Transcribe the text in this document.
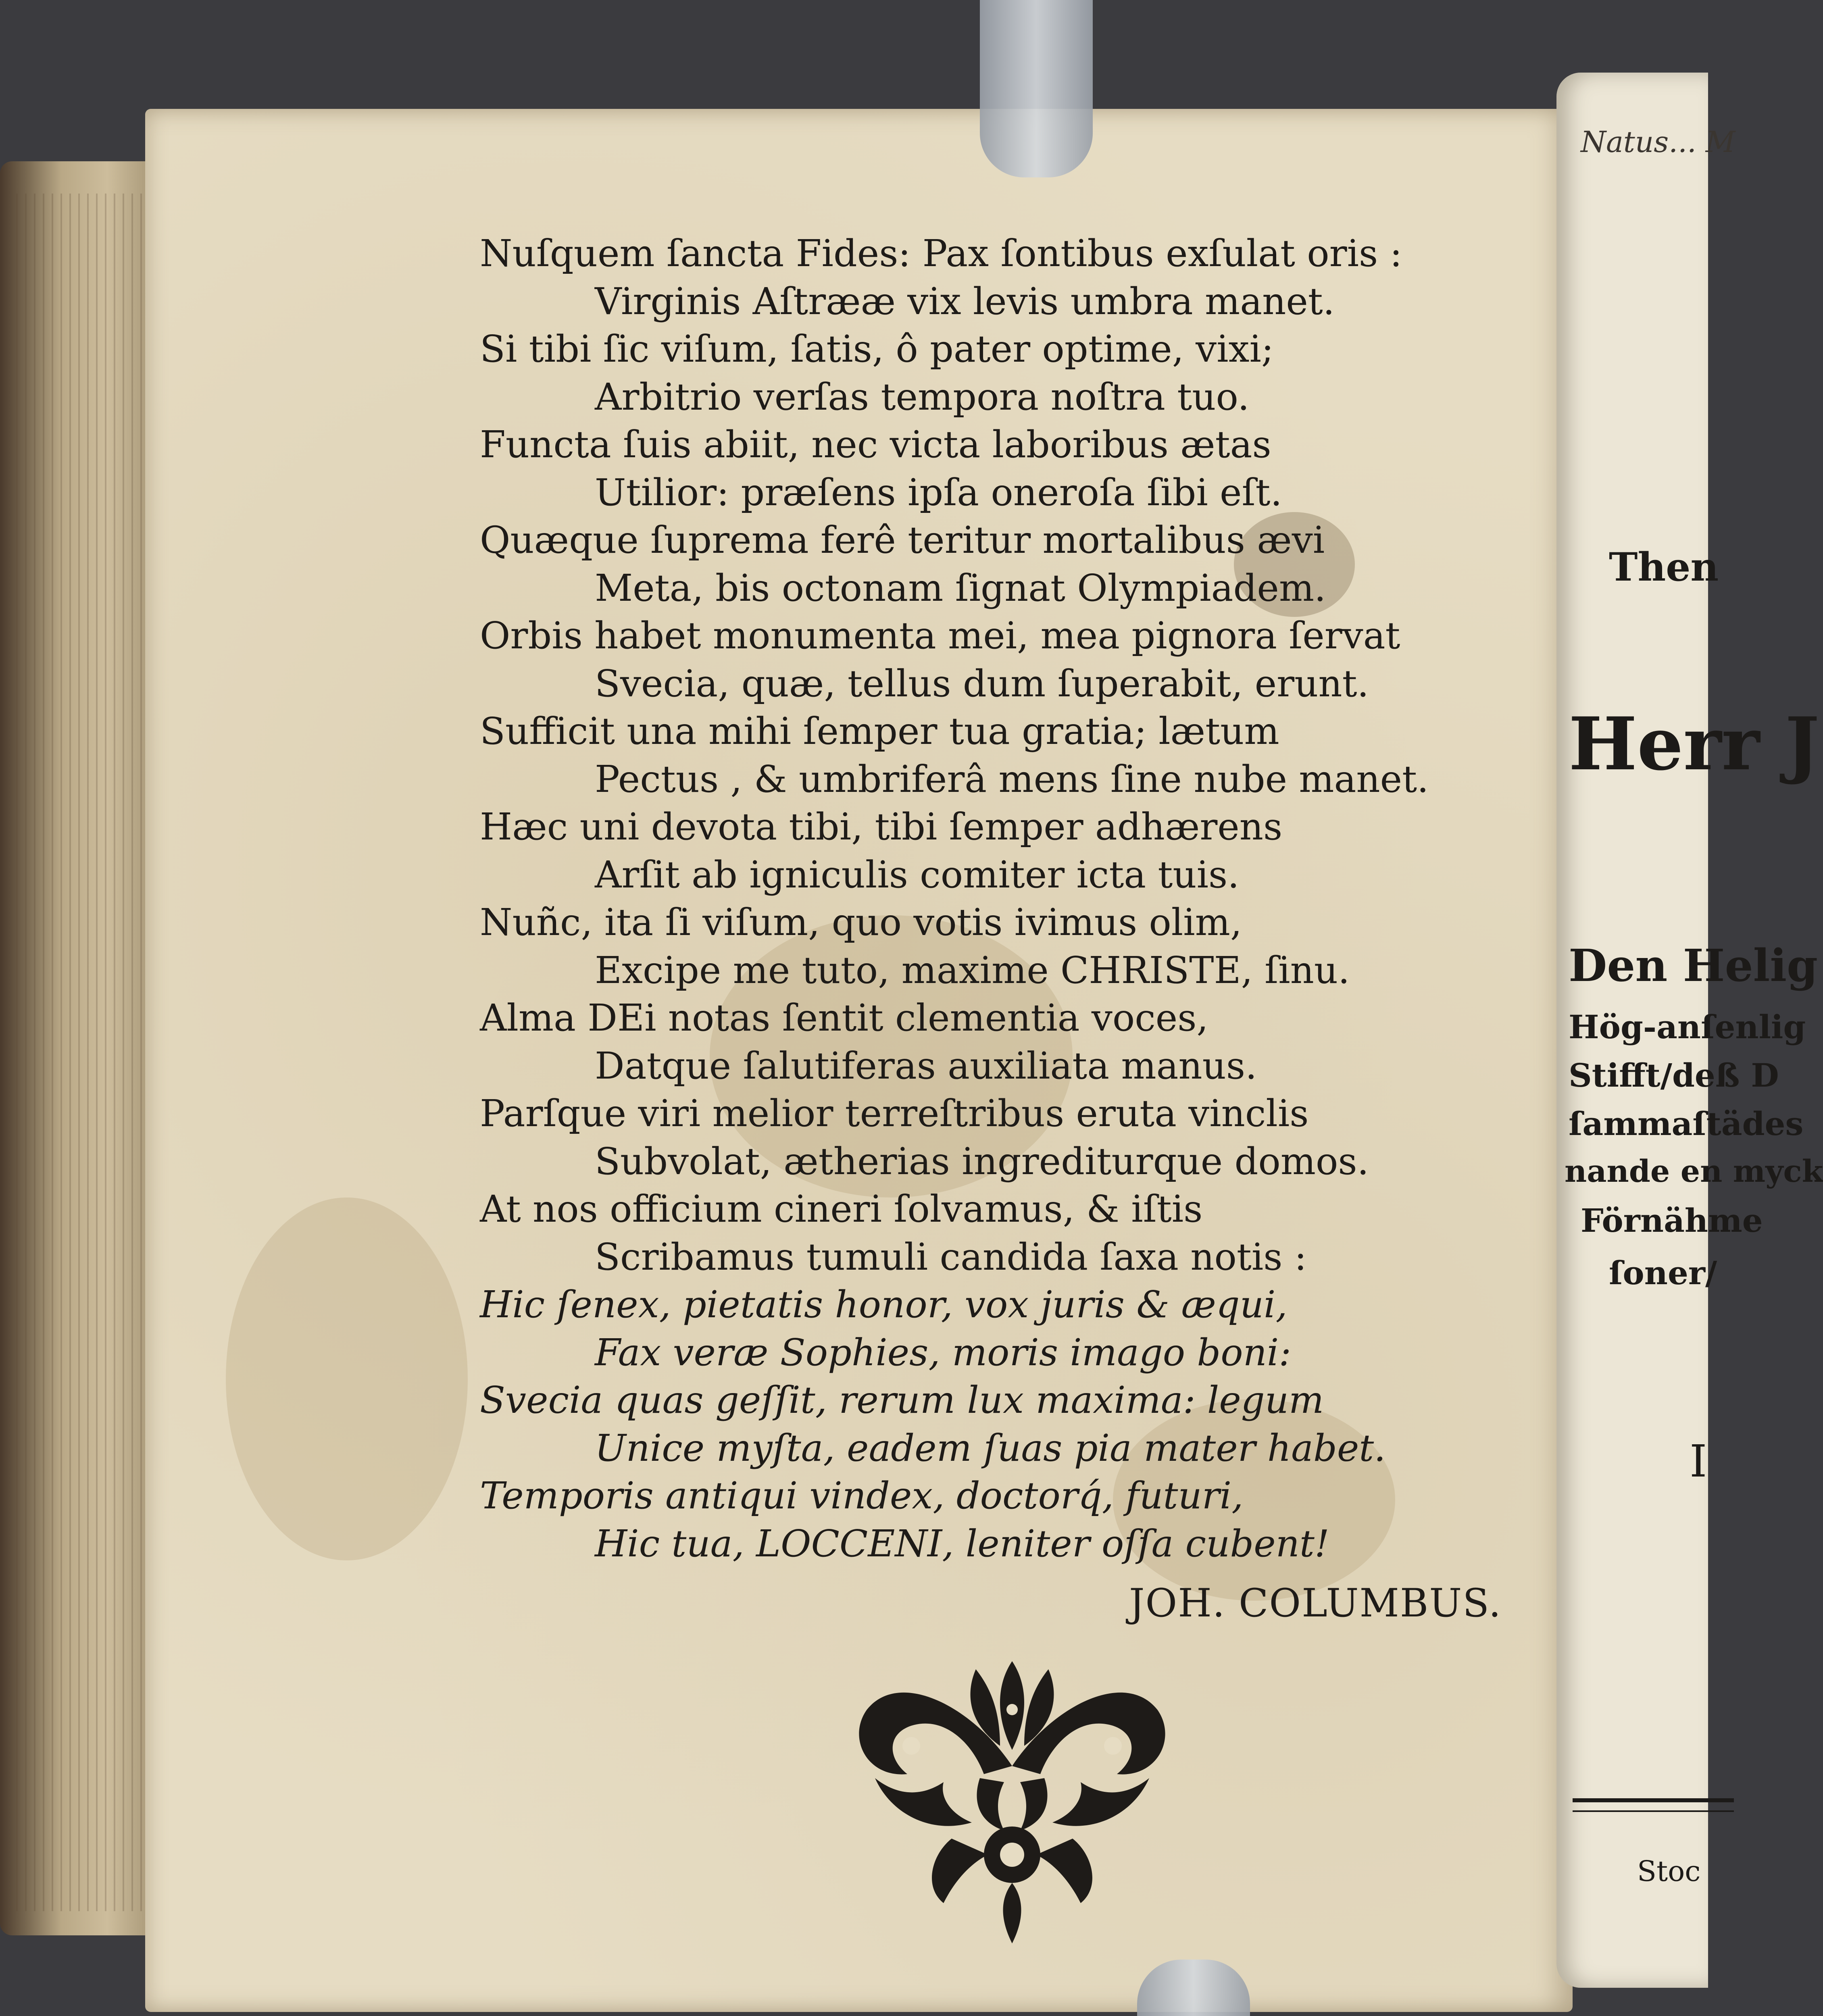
Natus... M
Then
Herr J
Den Helig
Hög-anſenlig
Stifft/deß D
ſammaſtädes
nande en myck
Förnähme
ſoner/
I
Stoc
Nuſquem ſancta Fides: Pax ſontibus exſulat oris :
Virginis Aſtrææ vix levis umbra manet.
Si tibi ſic viſum, ſatis, ô pater optime, vixi;
Arbitrio verſas tempora noſtra tuo.
Functa ſuis abiit, nec victa laboribus ætas
Utilior: præſens ipſa oneroſa ſibi eſt.
Quæque ſuprema ferê teritur mortalibus ævi
Meta, bis octonam ſignat Olympiadem.
Orbis habet monumenta mei, mea pignora ſervat
Svecia, quæ, tellus dum ſuperabit, erunt.
Sufficit una mihi ſemper tua gratia; lætum
Pectus , & umbriferâ mens ſine nube manet.
Hæc uni devota tibi, tibi ſemper adhærens
Arſit ab igniculis comiter icta tuis.
Nuñc, ita ſi viſum, quo votis ivimus olim,
Excipe me tuto, maxime CHRISTE, ſinu.
Alma DEi notas ſentit clementia voces,
Datque ſalutiferas auxiliata manus.
Parſque viri melior terreſtribus eruta vinclis
Subvolat, ætherias ingrediturque domos.
At nos officium cineri ſolvamus, & iſtis
Scribamus tumuli candida ſaxa notis :
Hic ſenex, pietatis honor, vox juris & æqui,
Fax veræ Sophies, moris imago boni:
Svecia quas geſſit, rerum lux maxima: legum
Unice myſta, eadem ſuas pia mater habet.
Temporis antiqui vindex, doctorq́, futuri,
Hic tua, LOCCENI, leniter oſſa cubent!
JOH. COLUMBUS.
